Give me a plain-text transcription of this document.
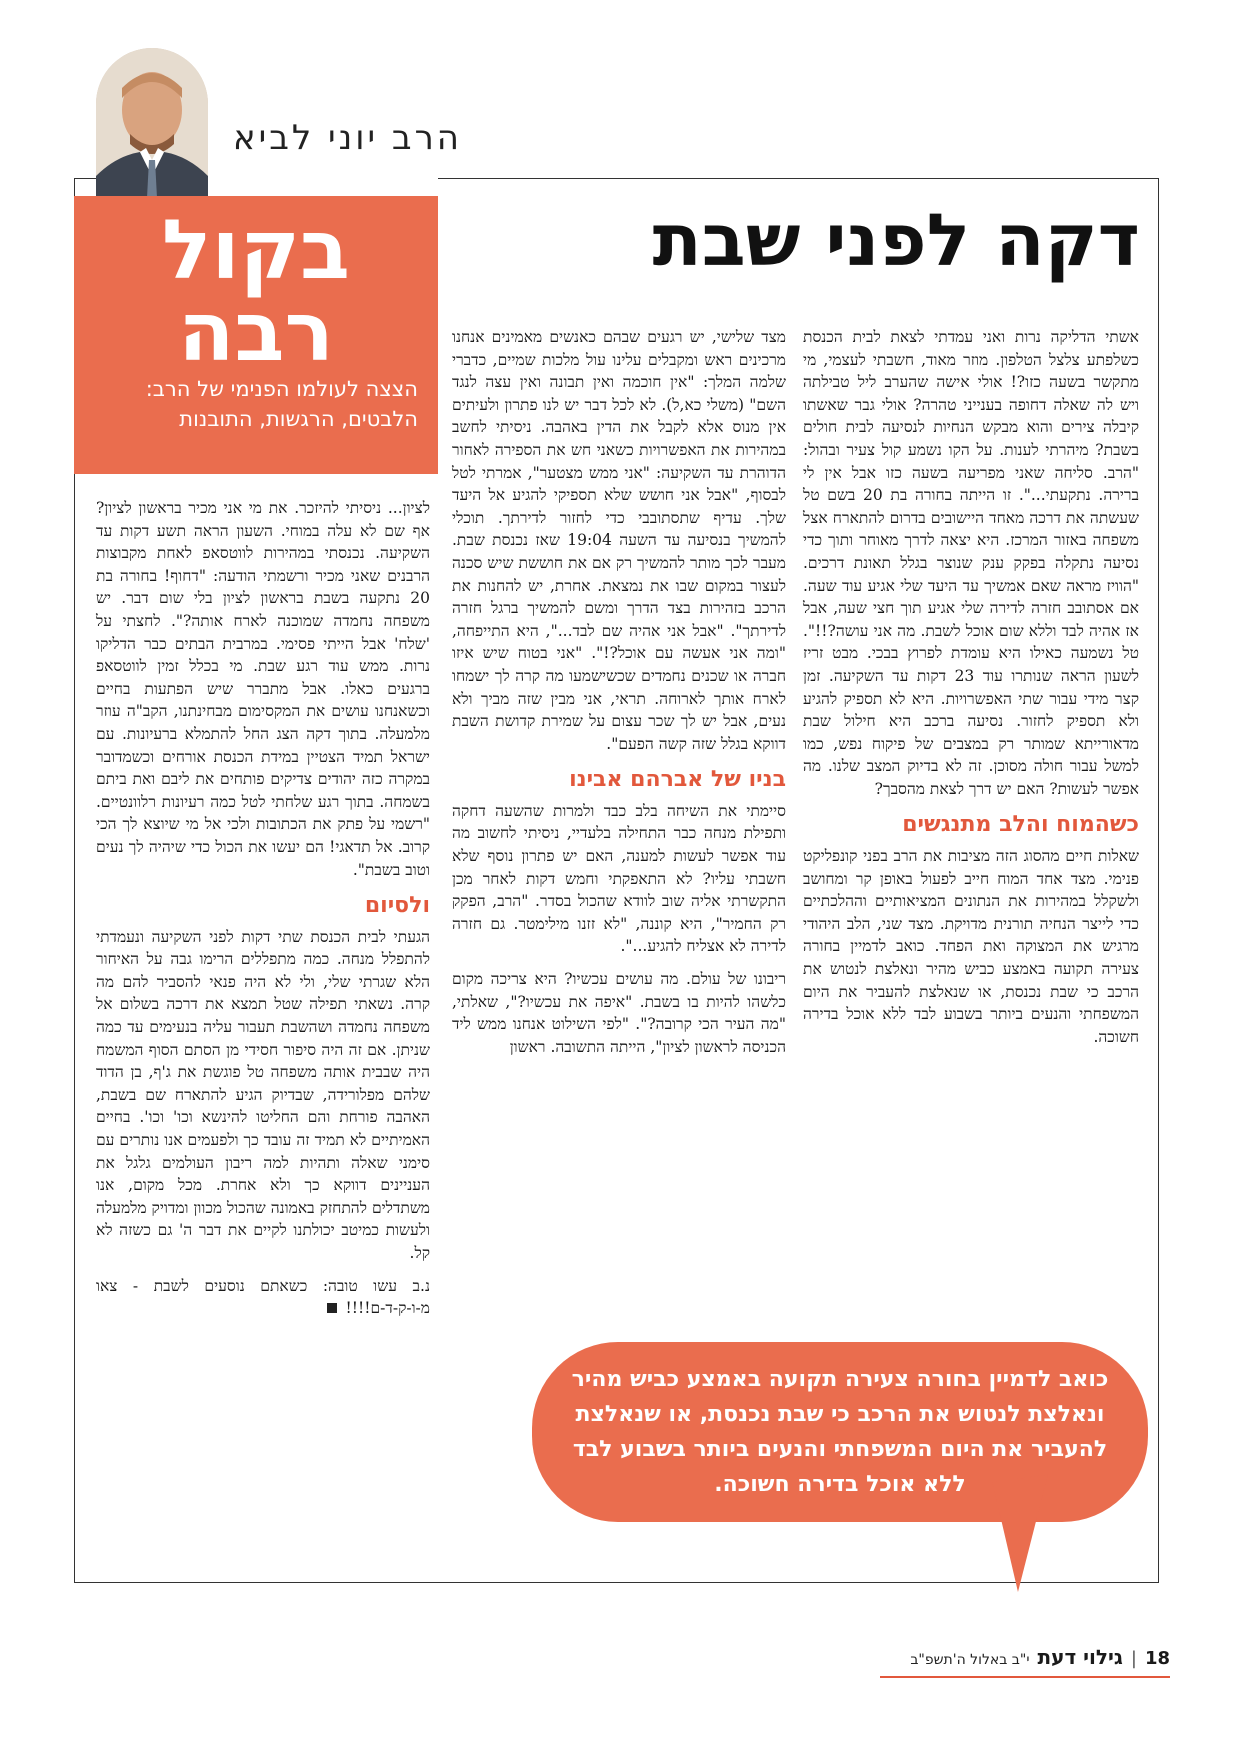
הרב יוני לביא
בקול
רבה
הצצה לעולמו הפנימי של הרב: הלבטים, הרגשות, התובנות
דקה לפני שבת

אשתי הדליקה נרות ואני עמדתי לצאת לבית הכנסת כשלפתע צלצל הטלפון. מוזר מאוד, חשבתי לעצמי, מי מתקשר בשעה כזו?! אולי אישה שהערב ליל טבילתה ויש לה שאלה דחופה בענייני טהרה? אולי גבר שאשתו קיבלה צירים והוא מבקש הנחיות לנסיעה לבית חולים בשבת? מיהרתי לענות. על הקו נשמע קול צעיר ובהול: "הרב. סליחה שאני מפריעה בשעה כזו אבל אין לי ברירה. נתקעתי...". זו הייתה בחורה בת 20 בשם טל שעשתה את דרכה מאחד היישובים בדרום להתארח אצל משפחה באזור המרכז. היא יצאה לדרך מאוחר ותוך כדי נסיעה נתקלה בפקק ענק שנוצר בגלל תאונת דרכים. "הוויז מראה שאם אמשיך עד היעד שלי אגיע עוד שעה. אם אסתובב חזרה לדירה שלי אגיע תוך חצי שעה, אבל אז אהיה לבד וללא שום אוכל לשבת. מה אני עושה?!!". טל נשמעה כאילו היא עומדת לפרוץ בבכי. מבט זריז לשעון הראה שנותרו עוד 23 דקות עד השקיעה. זמן קצר מידי עבור שתי האפשרויות. היא לא תספיק להגיע ולא תספיק לחזור. נסיעה ברכב היא חילול שבת מדאורייתא שמותר רק במצבים של פיקוח נפש, כמו למשל עבור חולה מסוכן. זה לא בדיוק המצב שלנו. מה אפשר לעשות? האם יש דרך לצאת מהסבך?

כשהמוח והלב מתנגשים

שאלות חיים מהסוג הזה מציבות את הרב בפני קונפליקט פנימי. מצד אחד המוח חייב לפעול באופן קר ומחושב ולשקלל במהירות את הנתונים המציאותיים וההלכתיים כדי לייצר הנחיה תורנית מדויקת. מצד שני, הלב היהודי מרגיש את המצוקה ואת הפחד. כואב לדמיין בחורה צעירה תקועה באמצע כביש מהיר ונאלצת לנטוש את הרכב כי שבת נכנסת, או שנאלצת להעביר את היום המשפחתי והנעים ביותר בשבוע לבד ללא אוכל בדירה חשוכה.

מצד שלישי, יש רגעים שבהם כאנשים מאמינים אנחנו מרכינים ראש ומקבלים עלינו עול מלכות שמיים, כדברי שלמה המלך: "אין חוכמה ואין תבונה ואין עצה לנגד השם" (משלי כא,ל). לא לכל דבר יש לנו פתרון ולעיתים אין מנוס אלא לקבל את הדין באהבה. ניסיתי לחשב במהירות את האפשרויות כשאני חש את הספירה לאחור הדוהרת עד השקיעה: "אני ממש מצטער", אמרתי לטל לבסוף, "אבל אני חושש שלא תספיקי להגיע אל היעד שלך. עדיף שתסתובבי כדי לחזור לדירתך. תוכלי להמשיך בנסיעה עד השעה 19:04 שאז נכנסת שבת. מעבר לכך מותר להמשיך רק אם את חוששת שיש סכנה לעצור במקום שבו את נמצאת. אחרת, יש להחנות את הרכב בזהירות בצד הדרך ומשם להמשיך ברגל חזרה לדירתך". "אבל אני אהיה שם לבד...", היא התייפחה, "ומה אני אעשה עם אוכל?!". "אני בטוח שיש איזו חברה או שכנים נחמדים שכשישמעו מה קרה לך ישמחו לארח אותך לארוחה. תראי, אני מבין שזה מביך ולא נעים, אבל יש לך שכר עצום על שמירת קדושת השבת דווקא בגלל שזה קשה הפעם".

בניו של אברהם אבינו

סיימתי את השיחה בלב כבד ולמרות שהשעה דחקה ותפילת מנחה כבר התחילה בלעדיי, ניסיתי לחשוב מה עוד אפשר לעשות למענה, האם יש פתרון נוסף שלא חשבתי עליו? לא התאפקתי וחמש דקות לאחר מכן התקשרתי אליה שוב לוודא שהכול בסדר. "הרב, הפקק רק החמיר", היא קוננה, "לא זזנו מילימטר. גם חזרה לדירה לא אצליח להגיע...".

ריבונו של עולם. מה עושים עכשיו? היא צריכה מקום כלשהו להיות בו בשבת. "איפה את עכשיו?", שאלתי, "מה העיר הכי קרובה?". "לפי השילוט אנחנו ממש ליד הכניסה לראשון לציון", הייתה התשובה. ראשון

לציון... ניסיתי להיזכר. את מי אני מכיר בראשון לציון? אף שם לא עלה במוחי. השעון הראה תשע דקות עד השקיעה. נכנסתי במהירות לווטסאפ לאחת מקבוצות הרבנים שאני מכיר ורשמתי הודעה: "דחוף! בחורה בת 20 נתקעה בשבת בראשון לציון בלי שום דבר. יש משפחה נחמדה שמוכנה לארח אותה?". לחצתי על 'שלח' אבל הייתי פסימי. במרבית הבתים כבר הדליקו נרות. ממש עוד רגע שבת. מי בכלל זמין לווטסאפ ברגעים כאלו. אבל מתברר שיש הפתעות בחיים וכשאנחנו עושים את המקסימום מבחינתנו, הקב"ה עוזר מלמעלה. בתוך דקה הצג החל להתמלא ברעיונות. עם ישראל תמיד הצטיין במידת הכנסת אורחים וכשמדובר במקרה כזה יהודים צדיקים פותחים את ליבם ואת ביתם בשמחה. בתוך רגע שלחתי לטל כמה רעיונות רלוונטיים. "רשמי על פתק את הכתובות ולכי אל מי שיוצא לך הכי קרוב. אל תדאגי! הם יעשו את הכול כדי שיהיה לך נעים וטוב בשבת".

ולסיום

הגעתי לבית הכנסת שתי דקות לפני השקיעה ונעמדתי להתפלל מנחה. כמה מתפללים הרימו גבה על האיחור הלא שגרתי שלי, ולי לא היה פנאי להסביר להם מה קרה. נשאתי תפילה שטל תמצא את דרכה בשלום אל משפחה נחמדה ושהשבת תעבור עליה בנעימים עד כמה שניתן. אם זה היה סיפור חסידי מן הסתם הסוף המשמח היה שבבית אותה משפחה טל פוגשת את ג'ף, בן הדוד שלהם מפלורידה, שבדיוק הגיע להתארח שם בשבת, האהבה פורחת והם החליטו להינשא וכו' וכו'. בחיים האמיתיים לא תמיד זה עובד כך ולפעמים אנו נותרים עם סימני שאלה ותהיות למה ריבון העולמים גלגל את העניינים דווקא כך ולא אחרת. מכל מקום, אנו משתדלים להתחזק באמונה שהכול מכוון ומדויק מלמעלה ולעשות כמיטב יכולתנו לקיים את דבר ה' גם כשזה לא קל.

נ.ב עשו טובה: כשאתם נוסעים לשבת - צאו מ-ו-ק-ד-ם!!!!

כואב לדמיין בחורה צעירה תקועה באמצע כביש מהיר ונאלצת לנטוש את הרכב כי שבת נכנסת, או שנאלצת להעביר את היום המשפחתי והנעים ביותר בשבוע לבד ללא אוכל בדירה חשוכה.
18|גילוי דעתי"ב באלול ה'תשפ"ב
